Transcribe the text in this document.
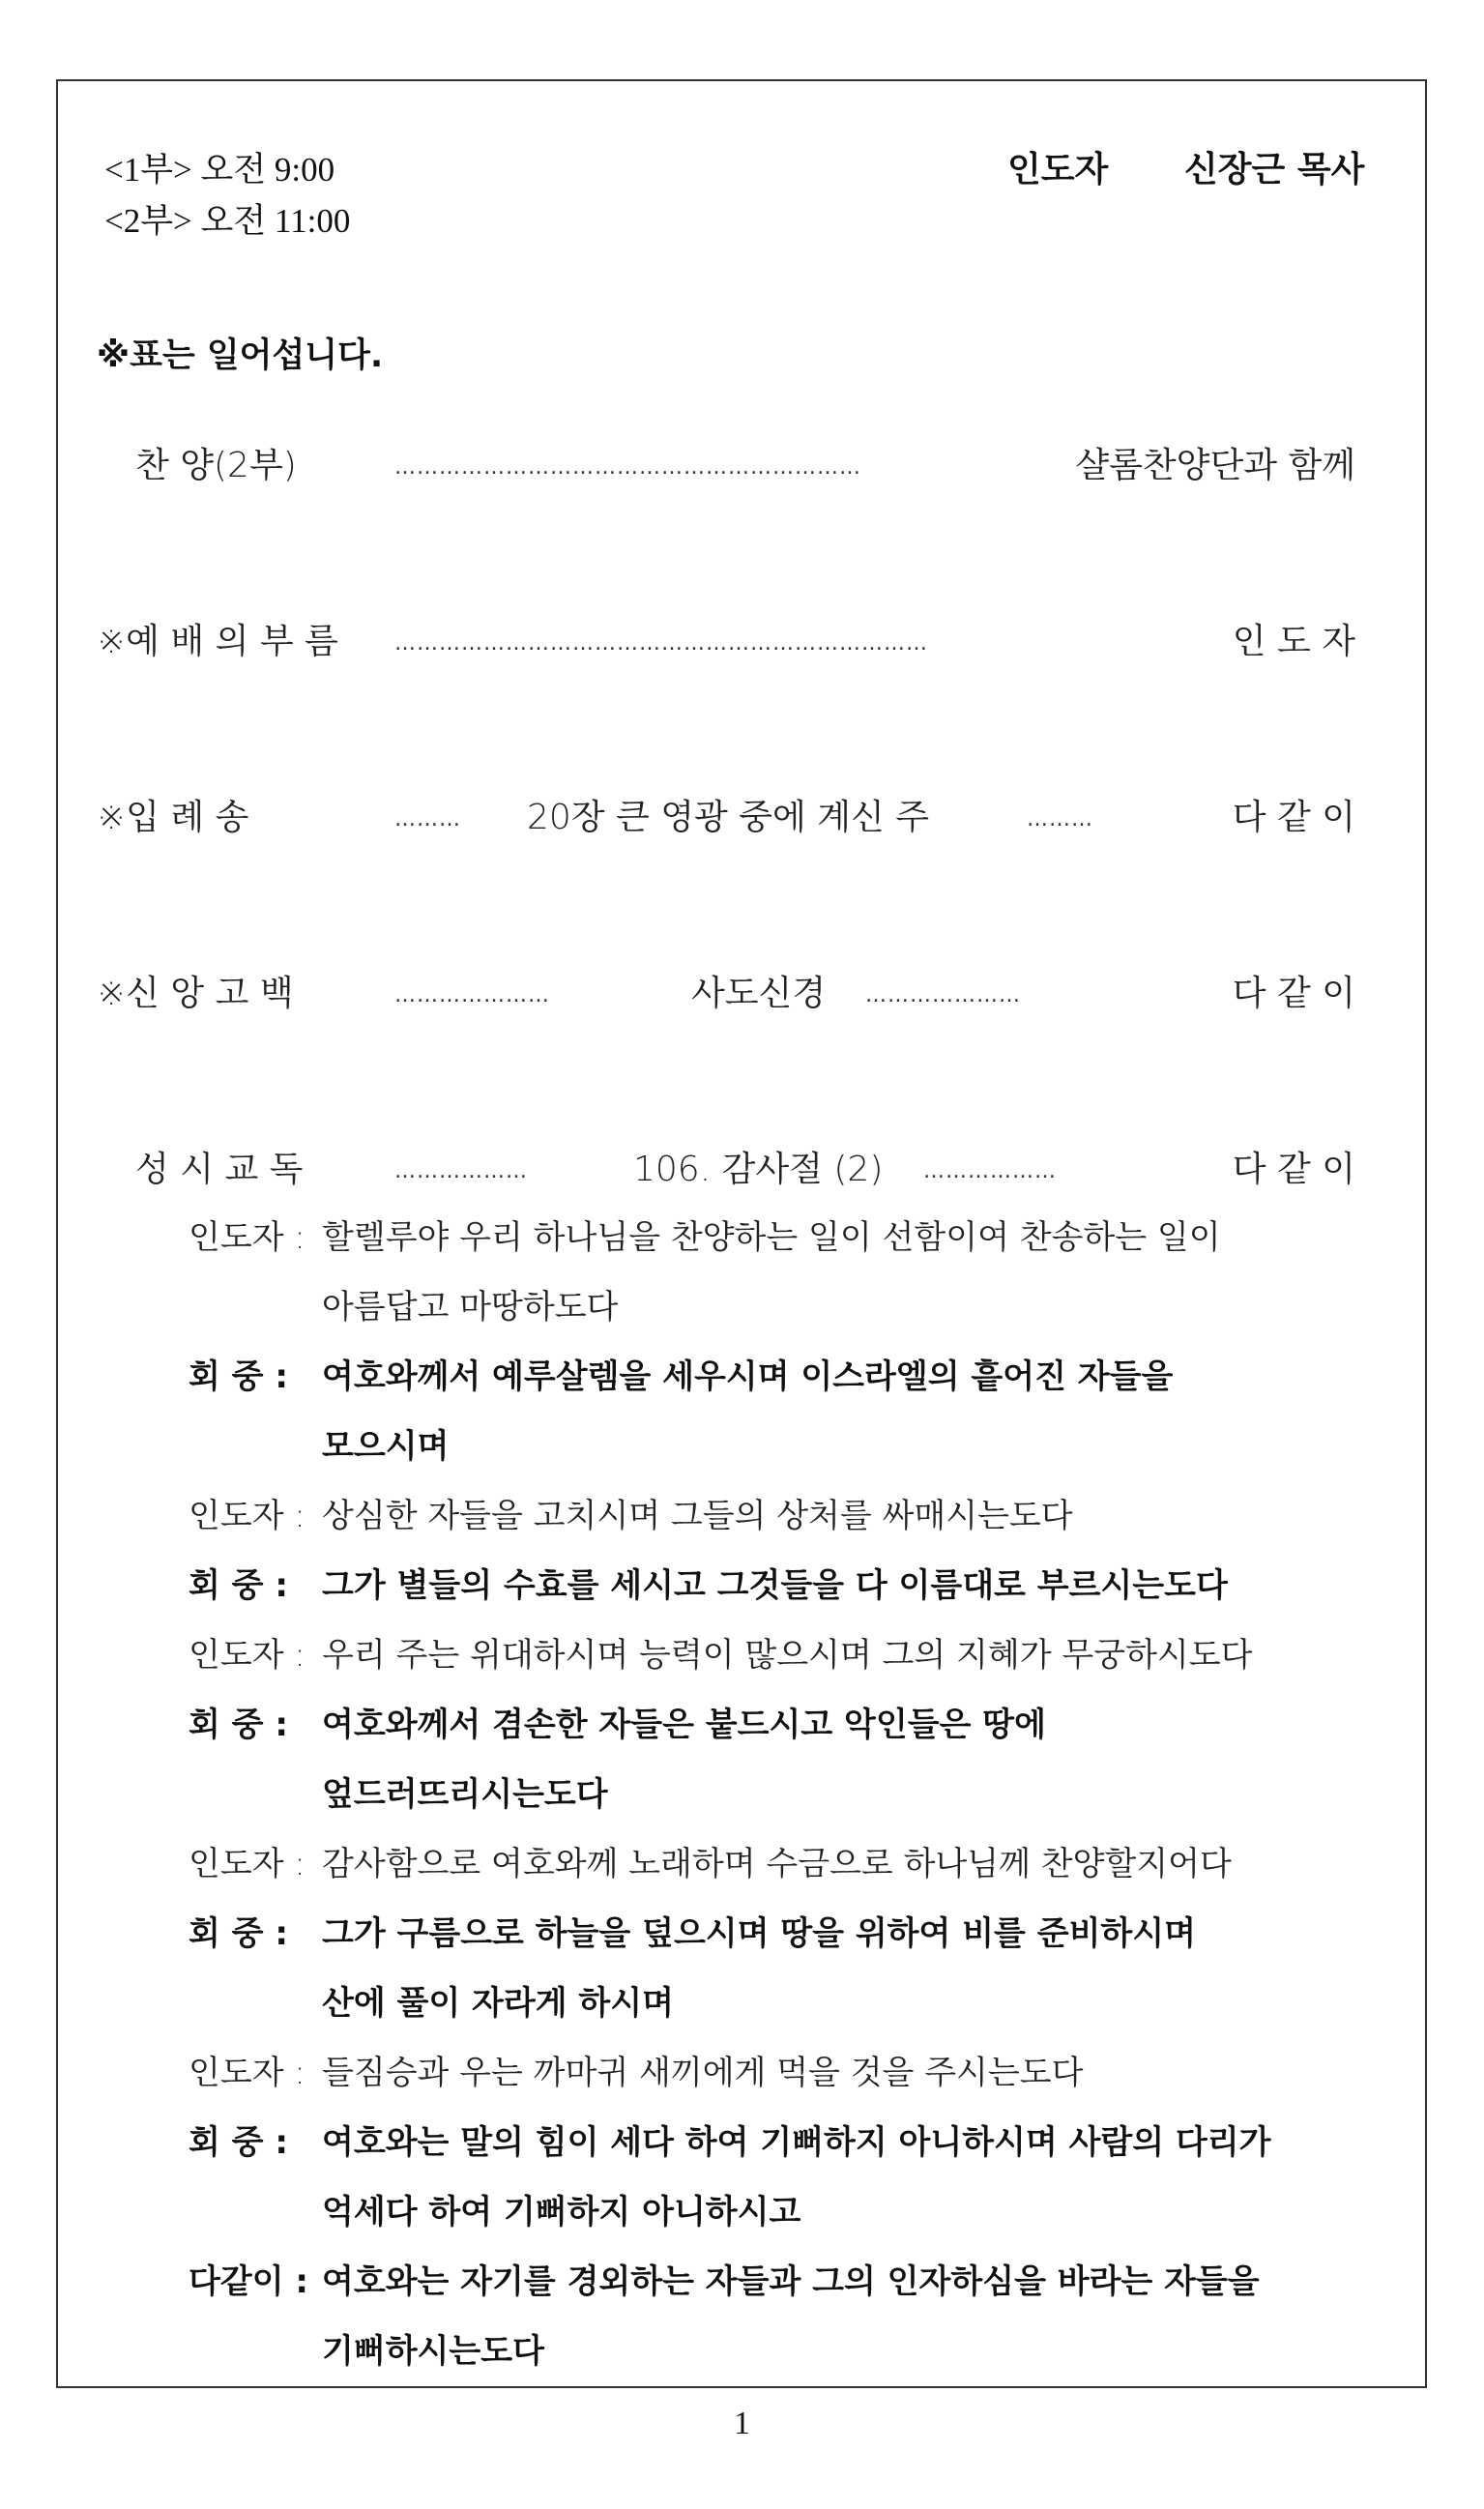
<1부> 오전 9:00
<2부> 오전 11:00
인도자 신장근 목사
※표는 일어섭니다.
찬 양(2부)	………………………………………………………	샬롬찬양단과 함께
※예 배 의 부 름	………………………………………………………………	인 도 자
※입 례 송	……… 20장 큰 영광 중에 계신 주	………	다 같 이
※신 앙 고 백	…………………	사도신경 …………………	다 같 이
성 시 교 독	………………	106. 감사절 (2) ………………	다 같 이
인도자 : 할렐루야 우리 하나님을 찬양하는 일이 선함이여 찬송하는 일이
아름답고 마땅하도다
회 중 :	여호와께서 예루살렘을 세우시며 이스라엘의 흩어진 자들을
모으시며
인도자 : 상심한 자들을 고치시며 그들의 상처를 싸매시는도다
회 중 :	그가 별들의 수효를 세시고 그것들을 다 이름대로 부르시는도다
인도자 : 우리 주는 위대하시며 능력이 많으시며 그의 지혜가 무궁하시도다
회 중 :	여호와께서 겸손한 자들은 붙드시고 악인들은 땅에
엎드러뜨리시는도다
인도자 : 감사함으로 여호와께 노래하며 수금으로 하나님께 찬양할지어다
회 중 :	그가 구름으로 하늘을 덮으시며 땅을 위하여 비를 준비하시며
산에 풀이 자라게 하시며
인도자 : 들짐승과 우는 까마귀 새끼에게 먹을 것을 주시는도다
회 중 :	여호와는 말의 힘이 세다 하여 기뻐하지 아니하시며 사람의 다리가
억세다 하여 기뻐하지 아니하시고
다같이 : 여호와는 자기를 경외하는 자들과 그의 인자하심을 바라는 자들을
기뻐하시는도다
1
